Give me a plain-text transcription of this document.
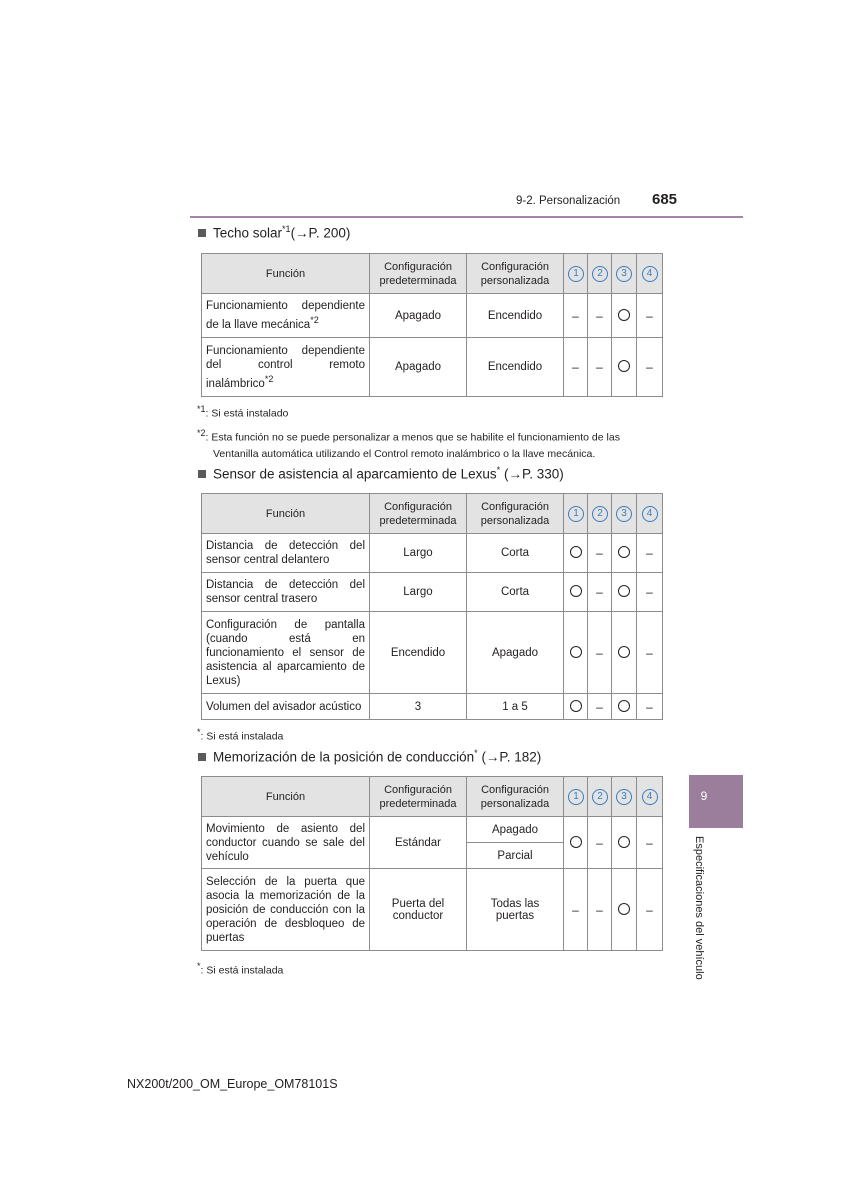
9-2. Personalización 685
Techo solar$^{*1}$(→P. 200)
Función	Configuración predeterminada	Configuración personalizada	1	2	3	4
Funcionamiento dependiente de la llave mecánica$^{*2}$	Apagado	Encendido	–	–		–
Funcionamiento dependiente del control remoto inalámbrico$^{*2}$	Apagado	Encendido	–	–		–
$^{*1}$: Si está instalado
$^{*2}$: Esta función no se puede personalizar a menos que se habilite el funcionamiento de las
Ventanilla automática utilizando el Control remoto inalámbrico o la llave mecánica.
Sensor de asistencia al aparcamiento de Lexus* (→P. 330)
Función	Configuración predeterminada	Configuración personalizada	1	2	3	4
Distancia de detección del sensor central delantero	Largo	Corta		–		–
Distancia de detección del sensor central trasero	Largo	Corta		–		–
Configuración de pantalla (cuando está en funcionamiento el sensor de asistencia al aparcamiento de Lexus)	Encendido	Apagado		–		–
Volumen del avisador acústico	3	1 a 5		–		–
*: Si está instalada
Memorización de la posición de conducción* (→P. 182)
Función	Configuración predeterminada	Configuración personalizada	1	2	3	4
Movimiento de asiento del conductor cuando se sale del vehículo	Estándar	Apagado		–		–
		Parcial				
Selección de la puerta que asocia la memorización de la posición de conducción con la operación de desbloqueo de puertas	Puerta del conductor	Todas las puertas	–	–		–
*: Si está instalada
9
Especificaciones del vehículo
NX200t/200_OM_Europe_OM78101S
